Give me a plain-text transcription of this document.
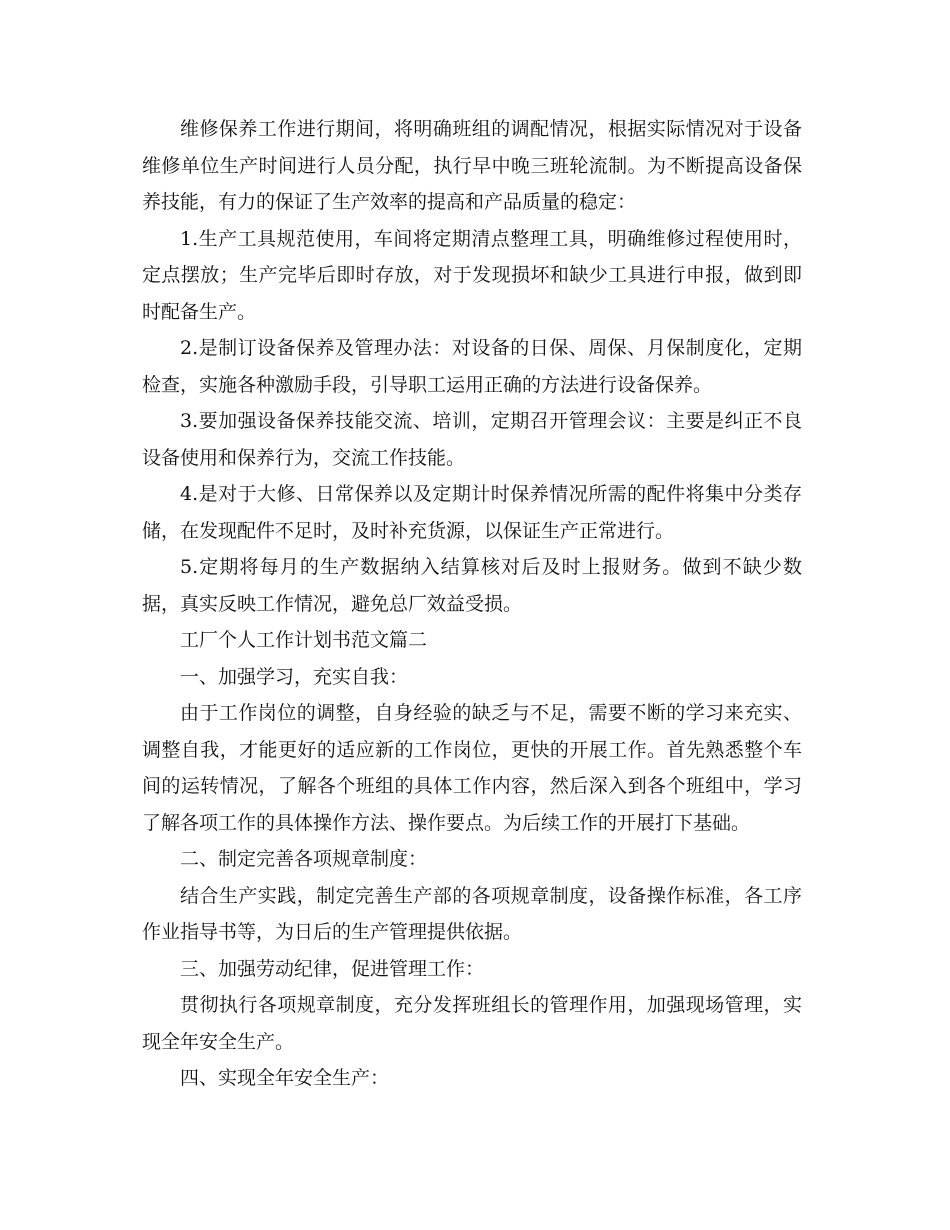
维修保养工作进行期间，将明确班组的调配情况，根据实际情况对于设备维修单位生产时间进行人员分配，执行早中晚三班轮流制。为不断提高设备保养技能，有力的保证了生产效率的提高和产品质量的稳定：

1.生产工具规范使用，车间将定期清点整理工具，明确维修过程使用时，定点摆放；生产完毕后即时存放，对于发现损坏和缺少工具进行申报，做到即时配备生产。

2.是制订设备保养及管理办法：对设备的日保、周保、月保制度化，定期检查，实施各种激励手段，引导职工运用正确的方法进行设备保养。

3.要加强设备保养技能交流、培训，定期召开管理会议：主要是纠正不良设备使用和保养行为，交流工作技能。

4.是对于大修、日常保养以及定期计时保养情况所需的配件将集中分类存储，在发现配件不足时，及时补充货源，以保证生产正常进行。

5.定期将每月的生产数据纳入结算核对后及时上报财务。做到不缺少数据，真实反映工作情况，避免总厂效益受损。

工厂个人工作计划书范文篇二

一、加强学习，充实自我：

由于工作岗位的调整，自身经验的缺乏与不足，需要不断的学习来充实、调整自我，才能更好的适应新的工作岗位，更快的开展工作。首先熟悉整个车间的运转情况，了解各个班组的具体工作内容，然后深入到各个班组中，学习了解各项工作的具体操作方法、操作要点。为后续工作的开展打下基础。

二、制定完善各项规章制度：

结合生产实践，制定完善生产部的各项规章制度，设备操作标准，各工序作业指导书等，为日后的生产管理提供依据。

三、加强劳动纪律，促进管理工作：

贯彻执行各项规章制度，充分发挥班组长的管理作用，加强现场管理，实现全年安全生产。

四、实现全年安全生产：
